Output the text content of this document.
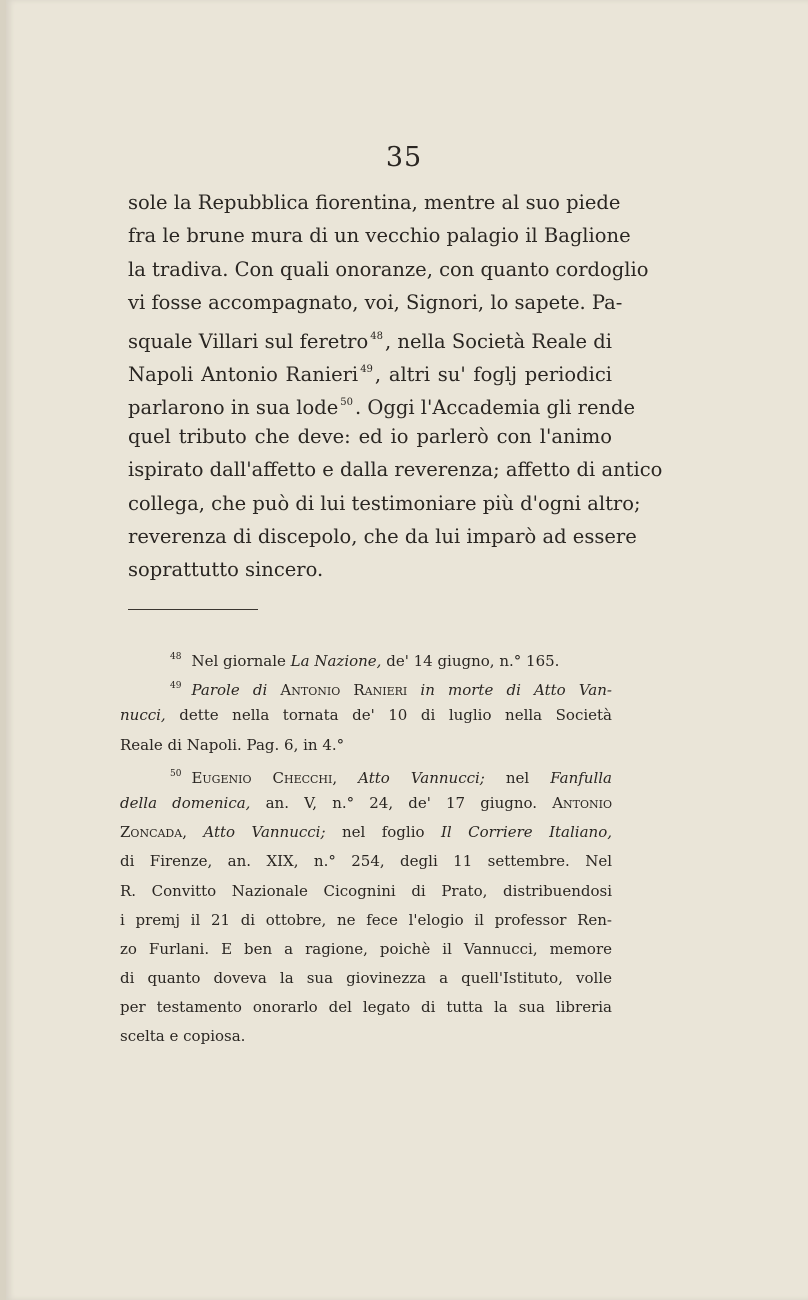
35
sole la Repubblica fiorentina, mentre al suo piede
fra le brune mura di un vecchio palagio il Baglione
la tradiva. Con quali onoranze, con quanto cordoglio
vi fosse accompagnato, voi, Signori, lo sapete. Pa-
squale Villari sul feretro $^{48}$ , nella Società Reale di
Napoli Antonio Ranieri $^{49}$ , altri su' foglj periodici
parlarono in sua lode $^{50}$ . Oggi l'Accademia gli rende
quel tributo che deve: ed io parlerò con l'animo
ispirato dall'affetto e dalla reverenza; affetto di antico
collega, che può di lui testimoniare più d'ogni altro;
reverenza di discepolo, che da lui imparò ad essere
soprattutto sincero.
$^{48}$ Nel giornale La Nazione, de' 14 giugno, n.° 165.
$^{49}$ Parole di Antonio Ranieri in morte di Atto Van-
nucci, dette nella tornata de' 10 di luglio nella Società
Reale di Napoli. Pag. 6, in 4.°
$^{50}$ Eugenio Checchi, Atto Vannucci; nel Fanfulla
della domenica, an. V, n.° 24, de' 17 giugno. Antonio
Zoncada, Atto Vannucci; nel foglio Il Corriere Italiano,
di Firenze, an. XIX, n.° 254, degli 11 settembre. Nel
R. Convitto Nazionale Cicognini di Prato, distribuendosi
i premj il 21 di ottobre, ne fece l'elogio il professor Ren-
zo Furlani. E ben a ragione, poichè il Vannucci, memore
di quanto doveva la sua giovinezza a quell'Istituto, volle
per testamento onorarlo del legato di tutta la sua libreria
scelta e copiosa.
